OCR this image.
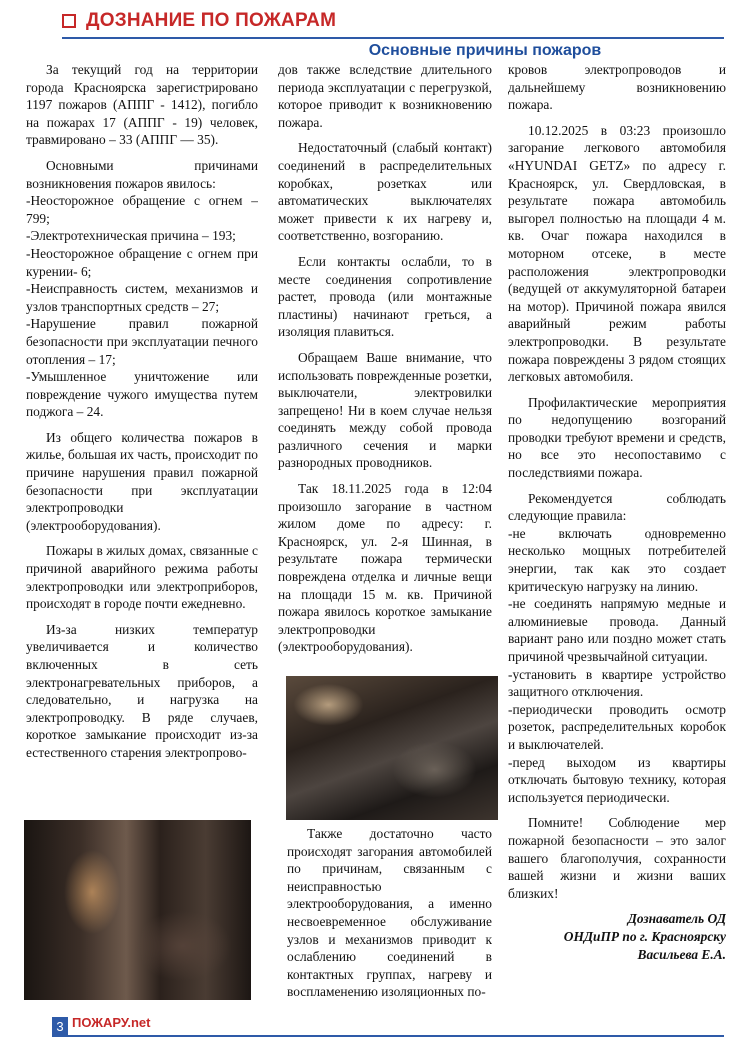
ДОЗНАНИЕ ПО ПОЖАРАМ
Основные причины пожаров

За текущий год на территории города Красноярска зарегистрировано 1197 пожаров (АППГ - 1412), погибло на пожарах 17 (АППГ - 19) человек, травмировано – 33 (АППГ — 35).

Основными причинами возникновения пожаров явилось:

-Неосторожное обращение с огнем – 799;

-Электротехническая причина – 193;

-Неосторожное обращение с огнем при курении- 6;

-Неисправность систем, механизмов и узлов транспортных средств – 27;

-Нарушение правил пожарной безопасности при эксплуатации печного отопления – 17;

-Умышленное уничтожение или повреждение чужого имущества путем поджога – 24.

Из общего количества пожаров в жилье, большая их часть, происходит по причине нарушения правил пожарной безопасности при эксплуатации электропроводки (электрооборудования).

Пожары в жилых домах, связанные с причиной аварийного режима работы электропроводки или электроприборов, происходят в городе почти ежедневно.

Из-за низких температур увеличивается и количество включенных в сеть электронагревательных приборов, а следовательно, и нагрузка на электропроводку. В ряде случаев, короткое замыкание происходит из-за естественного старения электропрово-

дов также вследствие длительного периода эксплуатации с перегрузкой, которое приводит к возникновению пожара.

Недостаточный (слабый контакт) соединений в распределительных коробках, розетках или автоматических выключателях может привести к их нагреву и, соответственно, возгоранию.

Если контакты ослабли, то в месте соединения сопротивление растет, провода (или монтажные пластины) начинают греться, а изоляция плавиться.

Обращаем Ваше внимание, что использовать поврежденные розетки, выключатели, электровилки запрещено! Ни в коем случае нельзя соединять между собой провода различного сечения и марки разнородных проводников.

Так 18.11.2025 года в 12:04 произошло загорание в частном жилом доме по адресу: г. Красноярск, ул. 2-я Шинная, в результате пожара термически повреждена отделка и личные вещи на площади 15 м. кв. Причиной пожара явилось короткое замыкание электропроводки (электрооборудования).

Также достаточно часто происходят загорания автомобилей по причинам, связанным с неисправностью электрооборудования, а именно несвоевременное обслуживание узлов и механизмов приводит к ослаблению соединений в контактных группах, нагреву и воспламенению изоляционных по-

кровов электропроводов и дальнейшему возникновению пожара.

10.12.2025 в 03:23 произошло загорание легкового автомобиля «HYUNDAI GETZ» по адресу г. Красноярск, ул. Свердловская, в результате пожара автомобиль выгорел полностью на площади 4 м. кв. Очаг пожара находился в моторном отсеке, в месте расположения электропроводки (ведущей от аккумуляторной батареи на мотор). Причиной пожара явился аварийный режим работы электропроводки. В результате пожара повреждены 3 рядом стоящих легковых автомобиля.

Профилактические мероприятия по недопущению возгораний проводки требуют времени и средств, но все это несопоставимо с последствиями пожара.

Рекомендуется соблюдать следующие правила:

-не включать одновременно несколько мощных потребителей энергии, так как это создает критическую нагрузку на линию.

-не соединять напрямую медные и алюминиевые провода. Данный вариант рано или поздно может стать причиной чрезвычайной ситуации.

-установить в квартире устройство защитного отключения.

-периодически проводить осмотр розеток, распределительных коробок и выключателей.

-перед выходом из квартиры отключать бытовую технику, которая используется периодически.

Помните! Соблюдение мер пожарной безопасности – это залог вашего благополучия, сохранности вашей жизни и жизни ваших близких!

Дознаватель ОД

ОНДиПР по г. Красноярску

Васильева Е.А.

3 ПОЖАРУ.net
